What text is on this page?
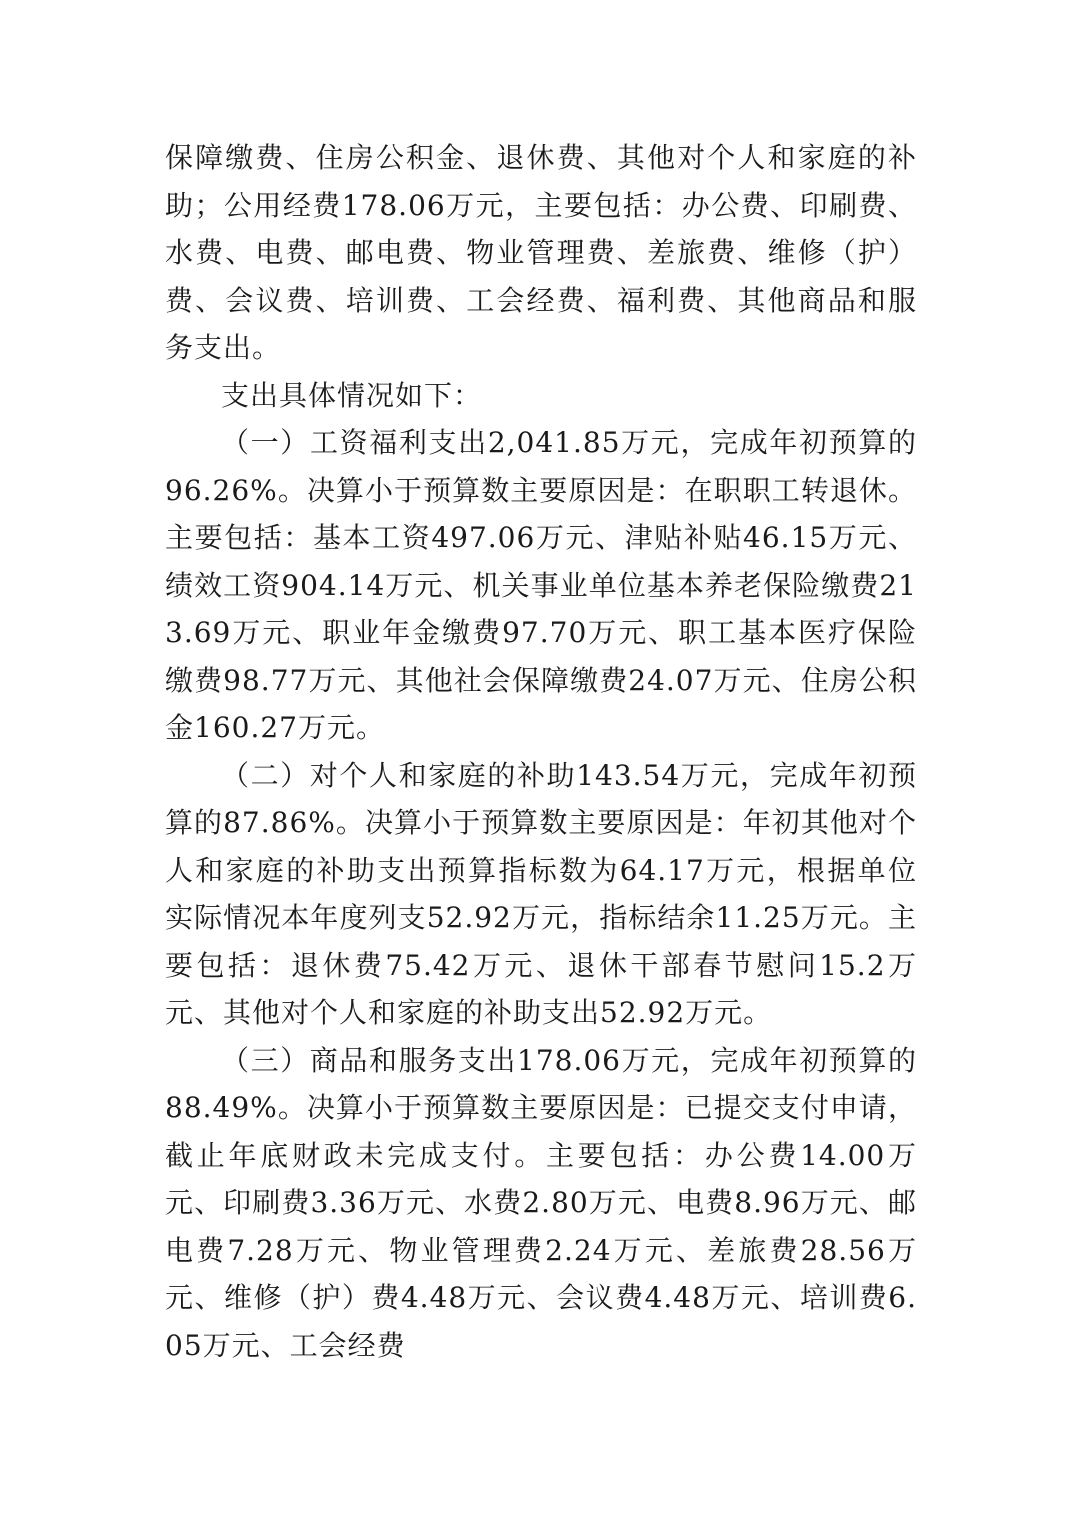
保障缴费、住房公积金、退休费、其他对个人和家庭的补助；公用经费178.06万元，主要包括：办公费、印刷费、水费、电费、邮电费、物业管理费、差旅费、维修（护）费、会议费、培训费、工会经费、福利费、其他商品和服务支出。

支出具体情况如下：

（一）工资福利支出2,041.85万元，完成年初预算的96.26%。决算小于预算数主要原因是：在职职工转退休。主要包括：基本工资497.06万元、津贴补贴46.15万元、绩效工资904.14万元、机关事业单位基本养老保险缴费213.69万元、职业年金缴费97.70万元、职工基本医疗保险缴费98.77万元、其他社会保障缴费24.07万元、住房公积金160.27万元。

（二）对个人和家庭的补助143.54万元，完成年初预算的87.86%。决算小于预算数主要原因是：年初其他对个人和家庭的补助支出预算指标数为64.17万元，根据单位实际情况本年度列支52.92万元，指标结余11.25万元。主要包括：退休费75.42万元、退休干部春节慰问15.2万元、其他对个人和家庭的补助支出52.92万元。

（三）商品和服务支出178.06万元，完成年初预算的88.49%。决算小于预算数主要原因是：已提交支付申请，截止年底财政未完成支付。主要包括：办公费14.00万元、印刷费3.36万元、水费2.80万元、电费8.96万元、邮电费7.28万元、物业管理费2.24万元、差旅费28.56万元、维修（护）费4.48万元、会议费4.48万元、培训费6.05万元、工会经费
